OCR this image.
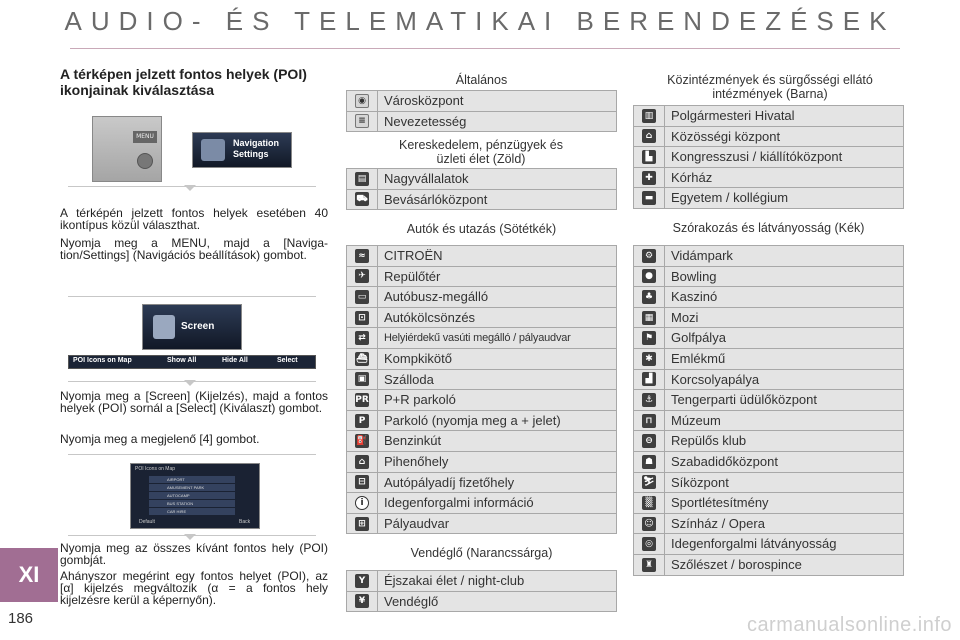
AUDIO- ÉS TELEMATIKAI BERENDEZÉSEK
A térképen jelzett fontos helyek (POI) ikonjainak kiválasztása
MENU
Navigation Settings
A térképén jelzett fontos helyek esetében 40 ikontípus közül választhat.
Nyomja meg a MENU, majd a [Naviga-tion/Settings] (Navigációs beállítások) gombot.
Screen
POI Icons on Map	Show All	Hide All	Select
Nyomja meg a [Screen] (Kijelzés), majd a fontos helyek (POI) sornál a [Select] (Kiválaszt) gombot.
Nyomja meg a megjelenő [4] gombot.
POI Icons on Map
AIRPORT
AMUSEMENT PARK
AUTOCAMP
BUS STATION
CAR HIRE
Default	Back
Nyomja meg az összes kívánt fontos hely (POI) gombját.
Ahányszor megérint egy fontos helyet (POI), az [α] kijelzés megváltozik (α = a fontos hely kijelzésre kerül a képernyőn).
Általános
◉	Városközpont
≡	Nevezetesség
Kereskedelem, pénzügyek és üzleti élet (Zöld)
▤	Nagyvállalatok
⛟	Bevásárlóközpont
Autók és utazás (Sötétkék)
≈	CITROËN
✈	Repülőtér
▭	Autóbusz-megálló
⊡	Autókölcsönzés
⇄	Helyiérdekű vasúti megálló / pályaudvar
⛴	Kompkikötő
▣	Szálloda
PR	P+R parkoló
P	Parkoló (nyomja meg a + jelet)
⛽	Benzinkút
⌂	Pihenőhely
⊟	Autópályadíj fizetőhely
i	Idegenforgalmi információ
⊞	Pályaudvar
Vendéglő (Narancssárga)
Y	Éjszakai élet / night-club
¥	Vendéglő
Közintézmények és sürgősségi ellátó intézmények (Barna)
▥	Polgármesteri Hivatal
⌂	Közösségi központ
▙	Kongresszusi / kiállítóközpont
✚	Kórház
▬	Egyetem / kollégium
Szórakozás és látványosság (Kék)
⚙	Vidámpark
●	Bowling
♣	Kaszinó
▦	Mozi
⚑	Golfpálya
✱	Emlékmű
▟	Korcsolyapálya
⚓	Tengerparti üdülőközpont
⊓	Múzeum
⊖	Repülős klub
☗	Szabadidőközpont
⛷	Síközpont
▒	Sportlétesítmény
☺	Színház / Opera
◎	Idegenforgalmi látványosság
♜	Szőlészet / borospince
XI
186	carmanualsonline.info
